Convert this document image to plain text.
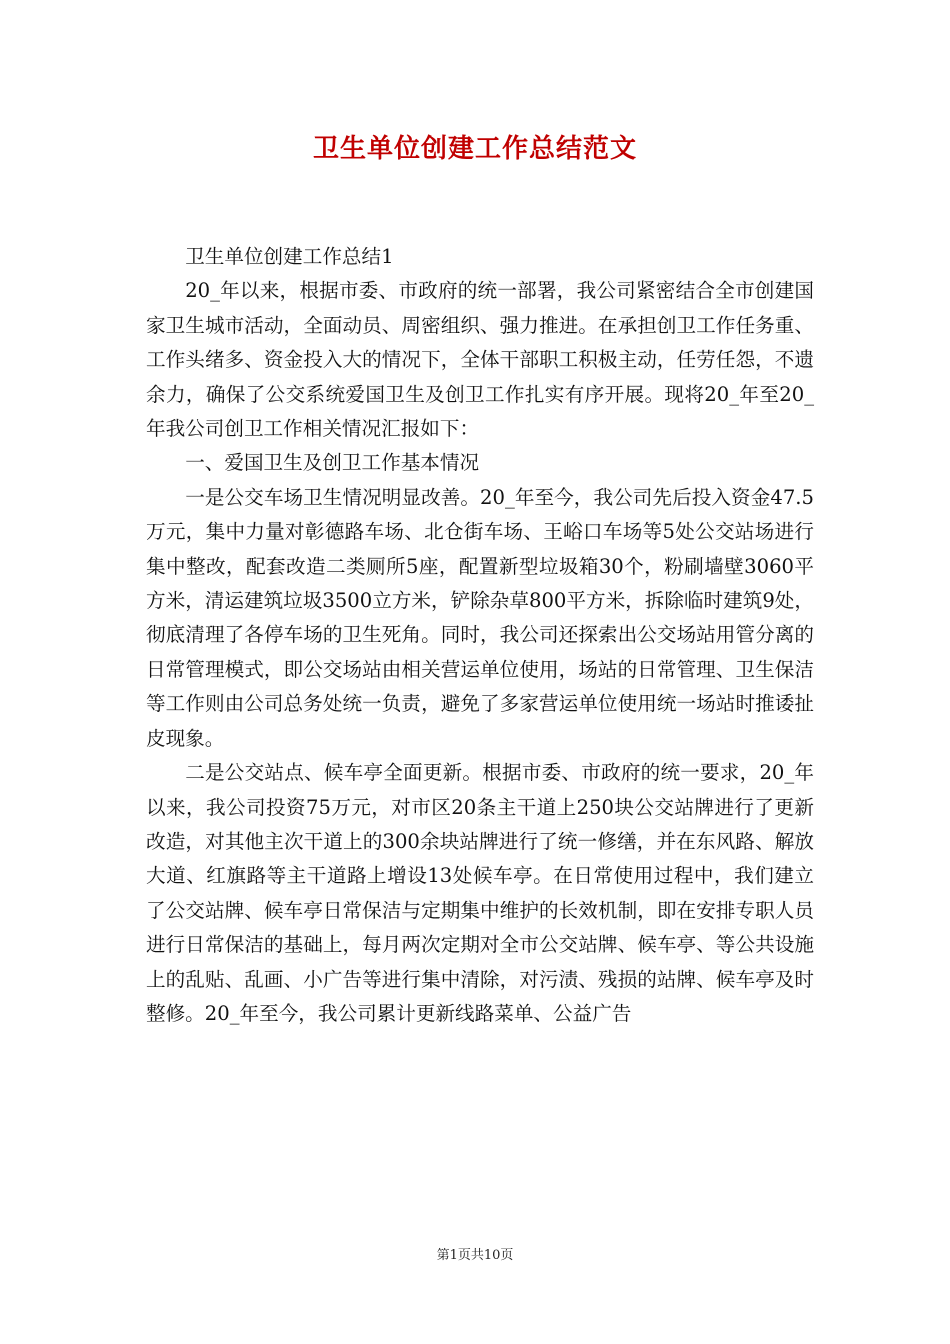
卫生单位创建工作总结范文

卫生单位创建工作总结1

20_年以来，根据市委、市政府的统一部署，我公司紧密结合全市创建国家卫生城市活动，全面动员、周密组织、强力推进。在承担创卫工作任务重、工作头绪多、资金投入大的情况下，全体干部职工积极主动，任劳任怨，不遗余力，确保了公交系统爱国卫生及创卫工作扎实有序开展。现将20_年至20_年我公司创卫工作相关情况汇报如下：

一、爱国卫生及创卫工作基本情况

一是公交车场卫生情况明显改善。20_年至今，我公司先后投入资金47.5万元，集中力量对彰德路车场、北仓街车场、王峪口车场等5处公交站场进行集中整改，配套改造二类厕所5座，配置新型垃圾箱30个，粉刷墙壁3060平方米，清运建筑垃圾3500立方米，铲除杂草800平方米，拆除临时建筑9处，彻底清理了各停车场的卫生死角。同时，我公司还探索出公交场站用管分离的日常管理模式，即公交场站由相关营运单位使用，场站的日常管理、卫生保洁等工作则由公司总务处统一负责，避免了多家营运单位使用统一场站时推诿扯皮现象。

二是公交站点、候车亭全面更新。根据市委、市政府的统一要求，20_年以来，我公司投资75万元，对市区20条主干道上250块公交站牌进行了更新改造，对其他主次干道上的300余块站牌进行了统一修缮，并在东风路、解放大道、红旗路等主干道路上增设13处候车亭。在日常使用过程中，我们建立了公交站牌、候车亭日常保洁与定期集中维护的长效机制，即在安排专职人员进行日常保洁的基础上，每月两次定期对全市公交站牌、候车亭、等公共设施上的乱贴、乱画、小广告等进行集中清除，对污渍、残损的站牌、候车亭及时整修。20_年至今，我公司累计更新线路菜单、公益广告

第1页共10页
